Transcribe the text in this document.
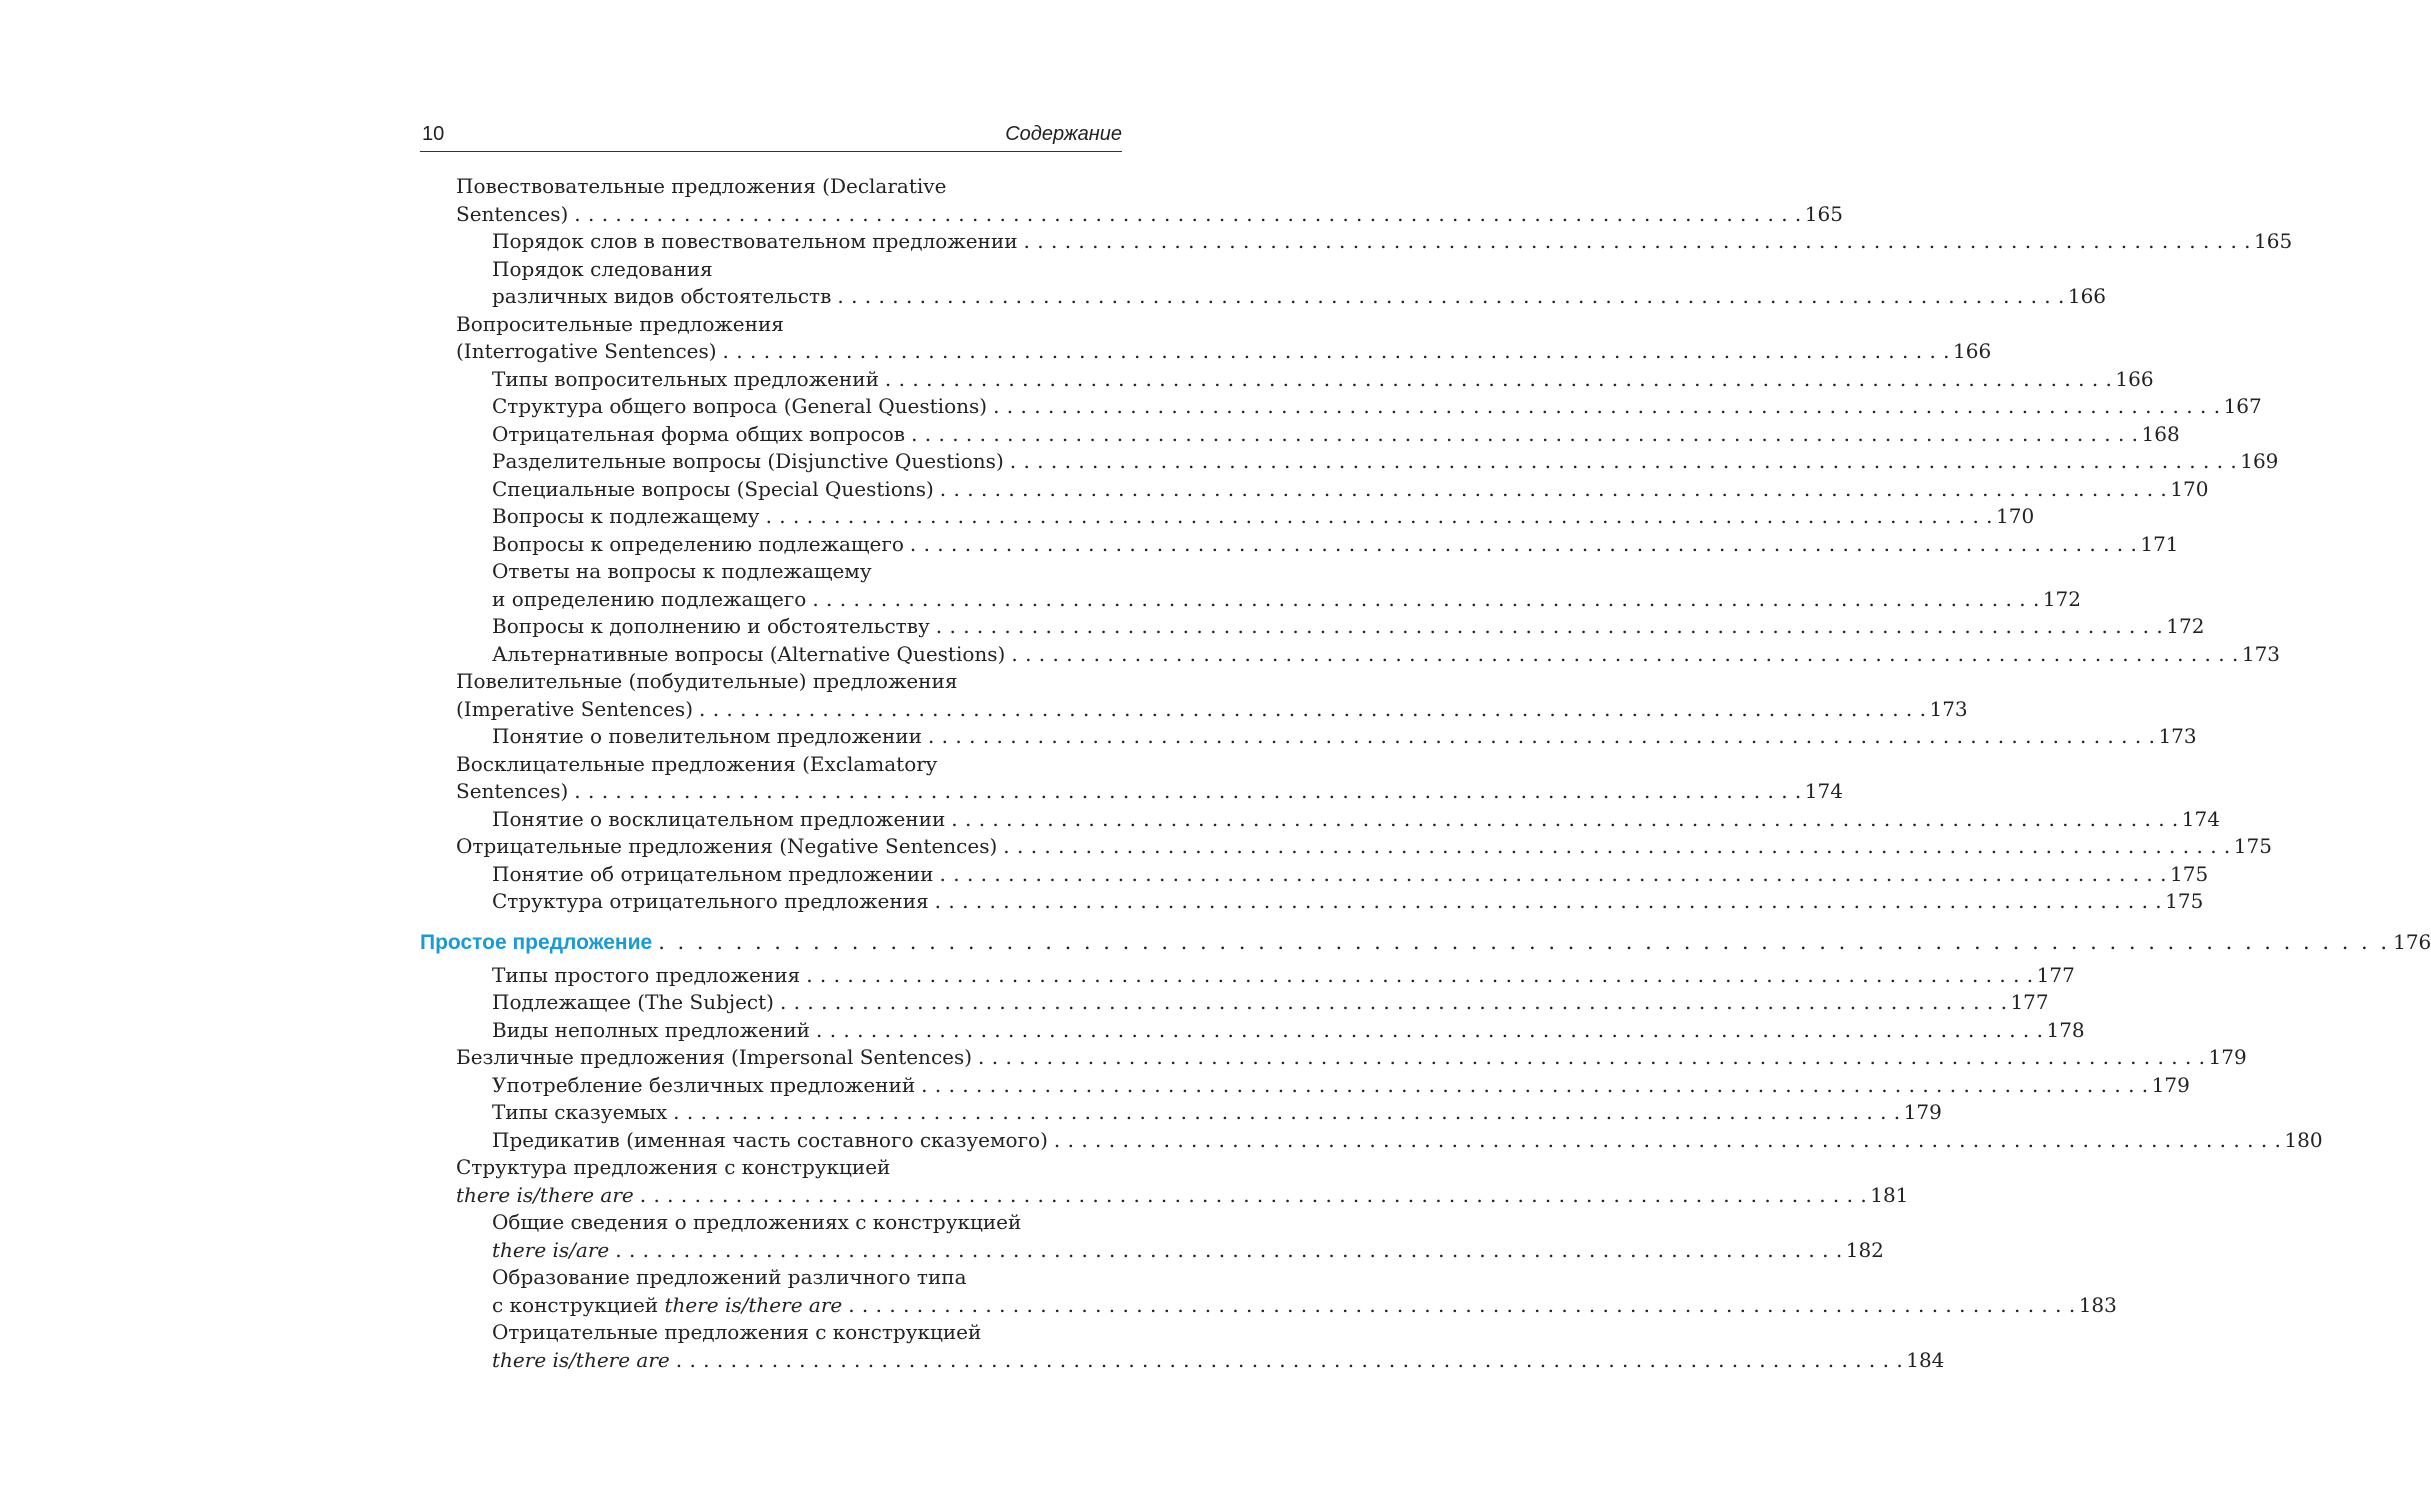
10	Содержание
Повествовательные предложения (Declarative
Sentences) . . . . . . . . . . . . . . . . . . . . . . . . . . . . . . . . . . . . . . . . . . . . . . . . . . . . . . . . . . . . . . . . . . . . . . . . . . . . . . . . . . . . . . . . . . 165
Порядок слов в повествовательном предложении . . . . . . . . . . . . . . . . . . . . . . . . . . . . . . . . . . . . . . . . . . . . . . . . . . . . . . . . . . . . . . . . . . . . . . . . . . . . . . . . . . . . . . . . . . 165
Порядок следования
различных видов обстоятельств . . . . . . . . . . . . . . . . . . . . . . . . . . . . . . . . . . . . . . . . . . . . . . . . . . . . . . . . . . . . . . . . . . . . . . . . . . . . . . . . . . . . . . . . . . 166
Вопросительные предложения
(Interrogative Sentences) . . . . . . . . . . . . . . . . . . . . . . . . . . . . . . . . . . . . . . . . . . . . . . . . . . . . . . . . . . . . . . . . . . . . . . . . . . . . . . . . . . . . . . . . . . 166
Типы вопросительных предложений . . . . . . . . . . . . . . . . . . . . . . . . . . . . . . . . . . . . . . . . . . . . . . . . . . . . . . . . . . . . . . . . . . . . . . . . . . . . . . . . . . . . . . . . . . 166
Структура общего вопроса (General Questions) . . . . . . . . . . . . . . . . . . . . . . . . . . . . . . . . . . . . . . . . . . . . . . . . . . . . . . . . . . . . . . . . . . . . . . . . . . . . . . . . . . . . . . . . . . 167
Отрицательная форма общих вопросов . . . . . . . . . . . . . . . . . . . . . . . . . . . . . . . . . . . . . . . . . . . . . . . . . . . . . . . . . . . . . . . . . . . . . . . . . . . . . . . . . . . . . . . . . . 168
Разделительные вопросы (Disjunctive Questions) . . . . . . . . . . . . . . . . . . . . . . . . . . . . . . . . . . . . . . . . . . . . . . . . . . . . . . . . . . . . . . . . . . . . . . . . . . . . . . . . . . . . . . . . . . 169
Специальные вопросы (Special Questions) . . . . . . . . . . . . . . . . . . . . . . . . . . . . . . . . . . . . . . . . . . . . . . . . . . . . . . . . . . . . . . . . . . . . . . . . . . . . . . . . . . . . . . . . . . 170
Вопросы к подлежащему . . . . . . . . . . . . . . . . . . . . . . . . . . . . . . . . . . . . . . . . . . . . . . . . . . . . . . . . . . . . . . . . . . . . . . . . . . . . . . . . . . . . . . . . . . 170
Вопросы к определению подлежащего . . . . . . . . . . . . . . . . . . . . . . . . . . . . . . . . . . . . . . . . . . . . . . . . . . . . . . . . . . . . . . . . . . . . . . . . . . . . . . . . . . . . . . . . . . 171
Ответы на вопросы к подлежащему
и определению подлежащего . . . . . . . . . . . . . . . . . . . . . . . . . . . . . . . . . . . . . . . . . . . . . . . . . . . . . . . . . . . . . . . . . . . . . . . . . . . . . . . . . . . . . . . . . . 172
Вопросы к дополнению и обстоятельству . . . . . . . . . . . . . . . . . . . . . . . . . . . . . . . . . . . . . . . . . . . . . . . . . . . . . . . . . . . . . . . . . . . . . . . . . . . . . . . . . . . . . . . . . . 172
Альтернативные вопросы (Alternative Questions) . . . . . . . . . . . . . . . . . . . . . . . . . . . . . . . . . . . . . . . . . . . . . . . . . . . . . . . . . . . . . . . . . . . . . . . . . . . . . . . . . . . . . . . . . . 173
Повелительные (побудительные) предложения
(Imperative Sentences) . . . . . . . . . . . . . . . . . . . . . . . . . . . . . . . . . . . . . . . . . . . . . . . . . . . . . . . . . . . . . . . . . . . . . . . . . . . . . . . . . . . . . . . . . . 173
Понятие о повелительном предложении . . . . . . . . . . . . . . . . . . . . . . . . . . . . . . . . . . . . . . . . . . . . . . . . . . . . . . . . . . . . . . . . . . . . . . . . . . . . . . . . . . . . . . . . . . 173
Восклицательные предложения (Exclamatory
Sentences) . . . . . . . . . . . . . . . . . . . . . . . . . . . . . . . . . . . . . . . . . . . . . . . . . . . . . . . . . . . . . . . . . . . . . . . . . . . . . . . . . . . . . . . . . . 174
Понятие о восклицательном предложении . . . . . . . . . . . . . . . . . . . . . . . . . . . . . . . . . . . . . . . . . . . . . . . . . . . . . . . . . . . . . . . . . . . . . . . . . . . . . . . . . . . . . . . . . . 174
Отрицательные предложения (Negative Sentences) . . . . . . . . . . . . . . . . . . . . . . . . . . . . . . . . . . . . . . . . . . . . . . . . . . . . . . . . . . . . . . . . . . . . . . . . . . . . . . . . . . . . . . . . . . 175
Понятие об отрицательном предложении . . . . . . . . . . . . . . . . . . . . . . . . . . . . . . . . . . . . . . . . . . . . . . . . . . . . . . . . . . . . . . . . . . . . . . . . . . . . . . . . . . . . . . . . . . 175
Структура отрицательного предложения . . . . . . . . . . . . . . . . . . . . . . . . . . . . . . . . . . . . . . . . . . . . . . . . . . . . . . . . . . . . . . . . . . . . . . . . . . . . . . . . . . . . . . . . . . 175
Простое предложение . . . . . . . . . . . . . . . . . . . . . . . . . . . . . . . . . . . . . . . . . . . . . . . . . . . . . . . . . . . . . . . . . . . . . . . . . . . . . . . . . . . . . . . . . . 176
Типы простого предложения . . . . . . . . . . . . . . . . . . . . . . . . . . . . . . . . . . . . . . . . . . . . . . . . . . . . . . . . . . . . . . . . . . . . . . . . . . . . . . . . . . . . . . . . . . 177
Подлежащее (The Subject) . . . . . . . . . . . . . . . . . . . . . . . . . . . . . . . . . . . . . . . . . . . . . . . . . . . . . . . . . . . . . . . . . . . . . . . . . . . . . . . . . . . . . . . . . . 177
Виды неполных предложений . . . . . . . . . . . . . . . . . . . . . . . . . . . . . . . . . . . . . . . . . . . . . . . . . . . . . . . . . . . . . . . . . . . . . . . . . . . . . . . . . . . . . . . . . . 178
Безличные предложения (Impersonal Sentences) . . . . . . . . . . . . . . . . . . . . . . . . . . . . . . . . . . . . . . . . . . . . . . . . . . . . . . . . . . . . . . . . . . . . . . . . . . . . . . . . . . . . . . . . . . 179
Употребление безличных предложений . . . . . . . . . . . . . . . . . . . . . . . . . . . . . . . . . . . . . . . . . . . . . . . . . . . . . . . . . . . . . . . . . . . . . . . . . . . . . . . . . . . . . . . . . . 179
Типы сказуемых . . . . . . . . . . . . . . . . . . . . . . . . . . . . . . . . . . . . . . . . . . . . . . . . . . . . . . . . . . . . . . . . . . . . . . . . . . . . . . . . . . . . . . . . . . 179
Предикатив (именная часть составного сказуемого) . . . . . . . . . . . . . . . . . . . . . . . . . . . . . . . . . . . . . . . . . . . . . . . . . . . . . . . . . . . . . . . . . . . . . . . . . . . . . . . . . . . . . . . . . . 180
Структура предложения с конструкцией
there is/there are . . . . . . . . . . . . . . . . . . . . . . . . . . . . . . . . . . . . . . . . . . . . . . . . . . . . . . . . . . . . . . . . . . . . . . . . . . . . . . . . . . . . . . . . . . 181
Общие сведения о предложениях с конструкцией
there is/are . . . . . . . . . . . . . . . . . . . . . . . . . . . . . . . . . . . . . . . . . . . . . . . . . . . . . . . . . . . . . . . . . . . . . . . . . . . . . . . . . . . . . . . . . . 182
Образование предложений различного типа
с конструкцией there is/there are . . . . . . . . . . . . . . . . . . . . . . . . . . . . . . . . . . . . . . . . . . . . . . . . . . . . . . . . . . . . . . . . . . . . . . . . . . . . . . . . . . . . . . . . . . 183
Отрицательные предложения с конструкцией
there is/there are . . . . . . . . . . . . . . . . . . . . . . . . . . . . . . . . . . . . . . . . . . . . . . . . . . . . . . . . . . . . . . . . . . . . . . . . . . . . . . . . . . . . . . . . . . 184
